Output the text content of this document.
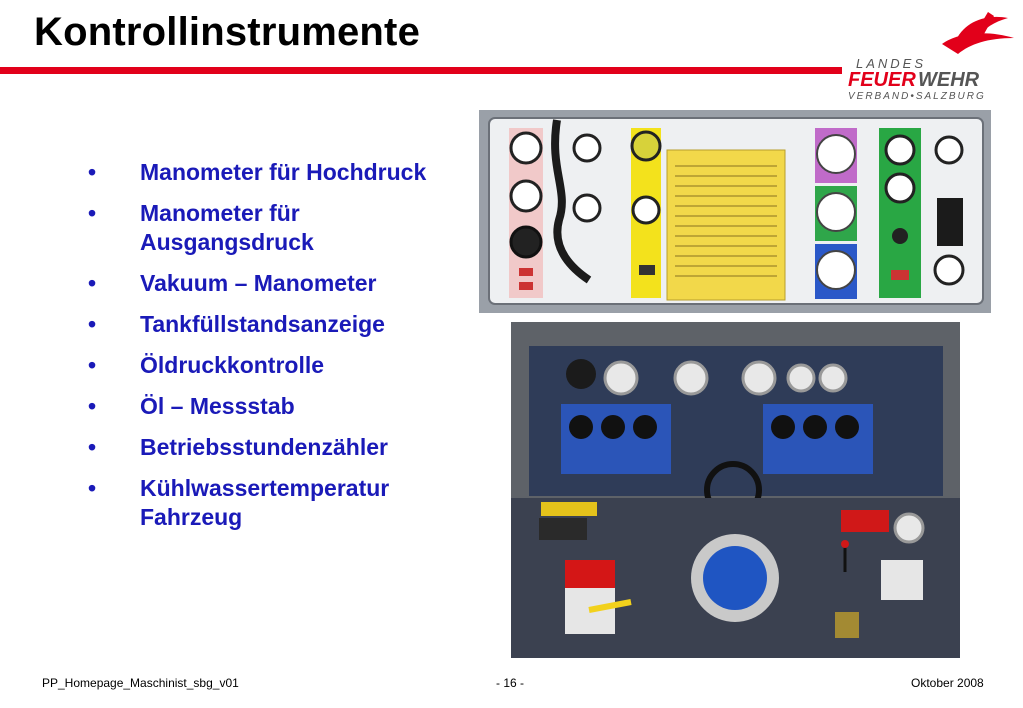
Kontrollinstrumente
LANDES
FEUER WEHR
VERBAND•SALZBURG
• Manometer für Hochdruck
• Manometer für Ausgangsdruck
• Vakuum – Manometer
• Tankfüllstandsanzeige
• Öldruckkontrolle
• Öl – Messstab
• Betriebsstundenzähler
• Kühlwassertemperatur Fahrzeug
PP_Homepage_Maschinist_sbg_v01	- 16 -	Oktober 2008
